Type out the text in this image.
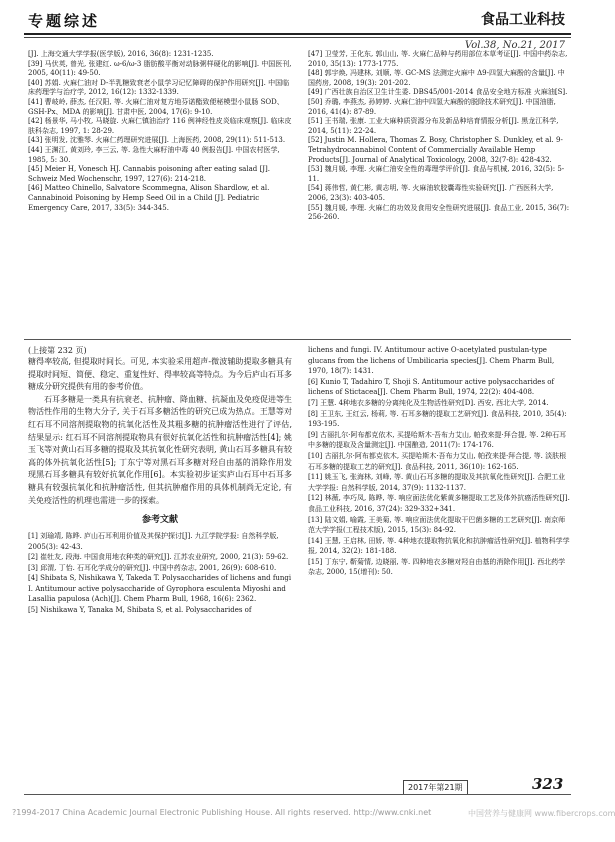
专题综述	食品工业科技
Vol.38, No.21, 2017

[J]. 上海交通大学学报(医学版), 2016, 36(8): 1231-1235.

[39] 马伏英, 曾光, 张建红. ω-6/ω-3 脂肪酸平衡对动脉粥样硬化的影响[J]. 中国医刊, 2005, 40(11): 49-50.

[40] 苏娟. 火麻仁油对 D-半乳糖致衰老小鼠学习记忆障碍的保护作用研究[J]. 中国临床药理学与治疗学, 2012, 16(12): 1332-1339.

[41] 曹岐岭, 薛杰, 任汉阳, 等. 火麻仁油对复方地芬诺酯致便秘模型小鼠肠 SOD、GSH-Px、MDA 的影响[J]. 甘肃中医, 2004, 17(6): 9-10.

[42] 杨景华, 马小牧, 马晓旋. 火麻仁镇油治疗 116 例神经性皮炎临床观察[J]. 临床皮肤科杂志, 1997, 1: 28-29.

[43] 张明发, 沈雅琴. 火麻仁药理研究进展[J]. 上海医药, 2008, 29(11): 511-513.

[44] 王渊江, 黄刘玲, 李三云, 等. 急性大麻籽油中毒 40 例报告[J]. 中国农村医学, 1985, 5: 30.

[45] Meier H, Vonesch HJ. Cannabis poisoning after eating salad [J]. Schweiz Med Wochenschr, 1997, 127(6): 214-218.

[46] Matteo Chinello, Salvatore Scommegna, Alison Shardlow, et al. Cannabinoid Poisoning by Hemp Seed Oil in a Child [J]. Pediatric Emergency Care, 2017, 33(5): 344-345.

[47] 卫莹芳, 王化东, 郭山山, 等. 火麻仁品种与药用部位本草考证[J]. 中国中药杂志, 2010, 35(13): 1773-1775.

[48] 郭宇焕, 冯建林, 刘顺, 等. GC-MS 法测定火麻中 Δ9-四氢大麻酚的含量[J]. 中国药房, 2008, 19(3): 201-202.

[49] 广西壮族自治区卫生计生委. DBS45/001-2014 食品安全地方标准 火麻油[S].

[50] 乔璐, 李燕杰, 孙婷婷. 火麻仁油中四氢大麻酚的脱除技术研究[J]. 中国油脂, 2016, 41(4): 87-89.

[51] 王书瑞, 张康. 工业大麻种质资源分布及新品种培育情报分析[J]. 黑龙江科学, 2014, 5(11): 22-24.

[52] Justin M. Hollera, Thomas Z. Bosy, Christopher S. Dunkley, et al. 9-Tetrahydrocannabinol Content of Commercially Available Hemp Products[J]. Journal of Analytical Toxicology, 2008, 32(7-8): 428-432.

[53] 魏月媛, 李理. 火麻仁油安全性的毒理学评价[J]. 食品与机械, 2016, 32(5): 5-11.

[54] 蒋伟哲, 黄仁彬, 黄志明, 等. 火麻油软胶囊毒性实验研究[J]. 广西医科大学, 2006, 23(3): 403-405.

[55] 魏月媛, 李理. 火麻仁的功效及食用安全性研究进展[J]. 食品工业, 2015, 36(7): 256-260.

(上接第 232 页)

糖得率较高, 但提取时间长。可见, 本实验采用超声-微波辅助提取多糖具有提取时间短、简便、稳定、重复性好、得率较高等特点。为今后庐山石耳多糖成分研究提供有用的参考价值。

石耳多糖是一类具有抗衰老、抗肿瘤、降血糖、抗凝血及免疫促进等生物活性作用的生物大分子, 关于石耳多糖活性的研究已成为热点。王慧等对红石耳不同溶剂提取物的抗氧化活性及其粗多糖的抗肿瘤活性进行了评估, 结果显示: 红石耳不同溶剂提取物具有很好抗氧化活性和抗肿瘤活性[4]; 姚玉飞等对黄山石耳多糖的提取及其抗氧化性研究表明, 黄山石耳多糖具有较高的体外抗氧化活性[5]; 丁东宁等对黑石耳多糖对羟自由基的消除作用发现黑石耳多糖具有较好抗氧化作用[6]。本实验初步证实庐山石耳中石耳多糖具有较强抗氧化和抗肿瘤活性, 但其抗肿瘤作用的具体机制尚无定论, 有关免疫活性的机理也需进一步的探索。

参考文献

[1] 刘瑜靖, 陈晔. 庐山石耳利用价值及其保护探讨[J]. 九江学院学报: 自然科学版, 2005(3): 42-43.

[2] 崔牡友, 段海. 中国食用地衣种类的研究[J]. 江苏农业研究, 2000, 21(3): 59-62.

[3] 邱渭, 丁怡. 石耳化学成分的研究[J]. 中国中药杂志, 2001, 26(9): 608-610.

[4] Shibata S, Nishikawa Y, Takeda T. Polysaccharides of lichens and fungi I. Antitumour active polysaccharide of Gyrophora esculenta Miyoshi and Lasallia papulosa (Ach)[J]. Chem Pharm Bull, 1968, 16(6): 2362.

[5] Nishikawa Y, Tanaka M, Shibata S, et al. Polysaccharides of

lichens and fungi. IV. Antitumour active O-acetylated pustulan-type glucans from the lichens of Umbilicaria species[J]. Chem Pharm Bull, 1970, 18(7): 1431.

[6] Kunio T, Tadahiro T, Shoji S. Antitumour active polysaccharides of lichens of Stictacea[J]. Chem Pharm Bull, 1974, 22(2): 404-408.

[7] 王慧. 4种地衣多糖的分离纯化及生物活性研究[D]. 西安, 西北大学, 2014.

[8] 王卫东, 王红云, 杨莉, 等. 石耳多糖的提取工艺研究[J]. 食品科技, 2010, 35(4): 193-195.

[9] 古丽扎尔·阿布都克依木, 买提哈斯木·吾布力艾山, 帕孜来提·拜合提, 等. 2种石耳中多糖的提取及含量测定[J]. 中国酿造, 2011(7): 174-176.

[10] 古丽扎尔·阿布都克依木, 买提哈斯木·吾布力艾山, 帕孜来提·拜合提, 等. 淡肤根石耳多糖的提取工艺的研究[J]. 食品科技, 2011, 36(10): 162-165.

[11] 姚玉飞, 张海林, 刘峰, 等. 黄山石耳多糖的提取及其抗氧化性研究[J]. 合肥工业大学学报: 自然科学版, 2014, 37(9): 1132-1137.

[12] 林薇, 李巧凤, 陈晔, 等. 响应面法优化紫黄多糖提取工艺及体外抗癌活性研究[J]. 食品工业科技, 2016, 37(24): 329-332+341.

[13] 陆文娟, 喻霞, 王美菊, 等. 响应面法优化提取干巴菌多糖的工艺研究[J]. 南京师范大学学报(工程技术版), 2015, 15(3): 84-92.

[14] 王慧, 王启林, 田娇, 等. 4种地衣提取物抗氧化和抗肿瘤活性研究[J]. 植物科学学报, 2014, 32(2): 181-188.

[15] 丁东宁, 靳菊情, 边晓丽, 等. 四种地衣多糖对羟自由基的消除作用[J]. 西北药学杂志, 2000, 15(增刊): 50.

2017年第21期	323
?1994-2017 China Academic Journal Electronic Publishing House. All rights reserved. http://www.cnki.net	中国营养与健康网 www.fibercrops.com
